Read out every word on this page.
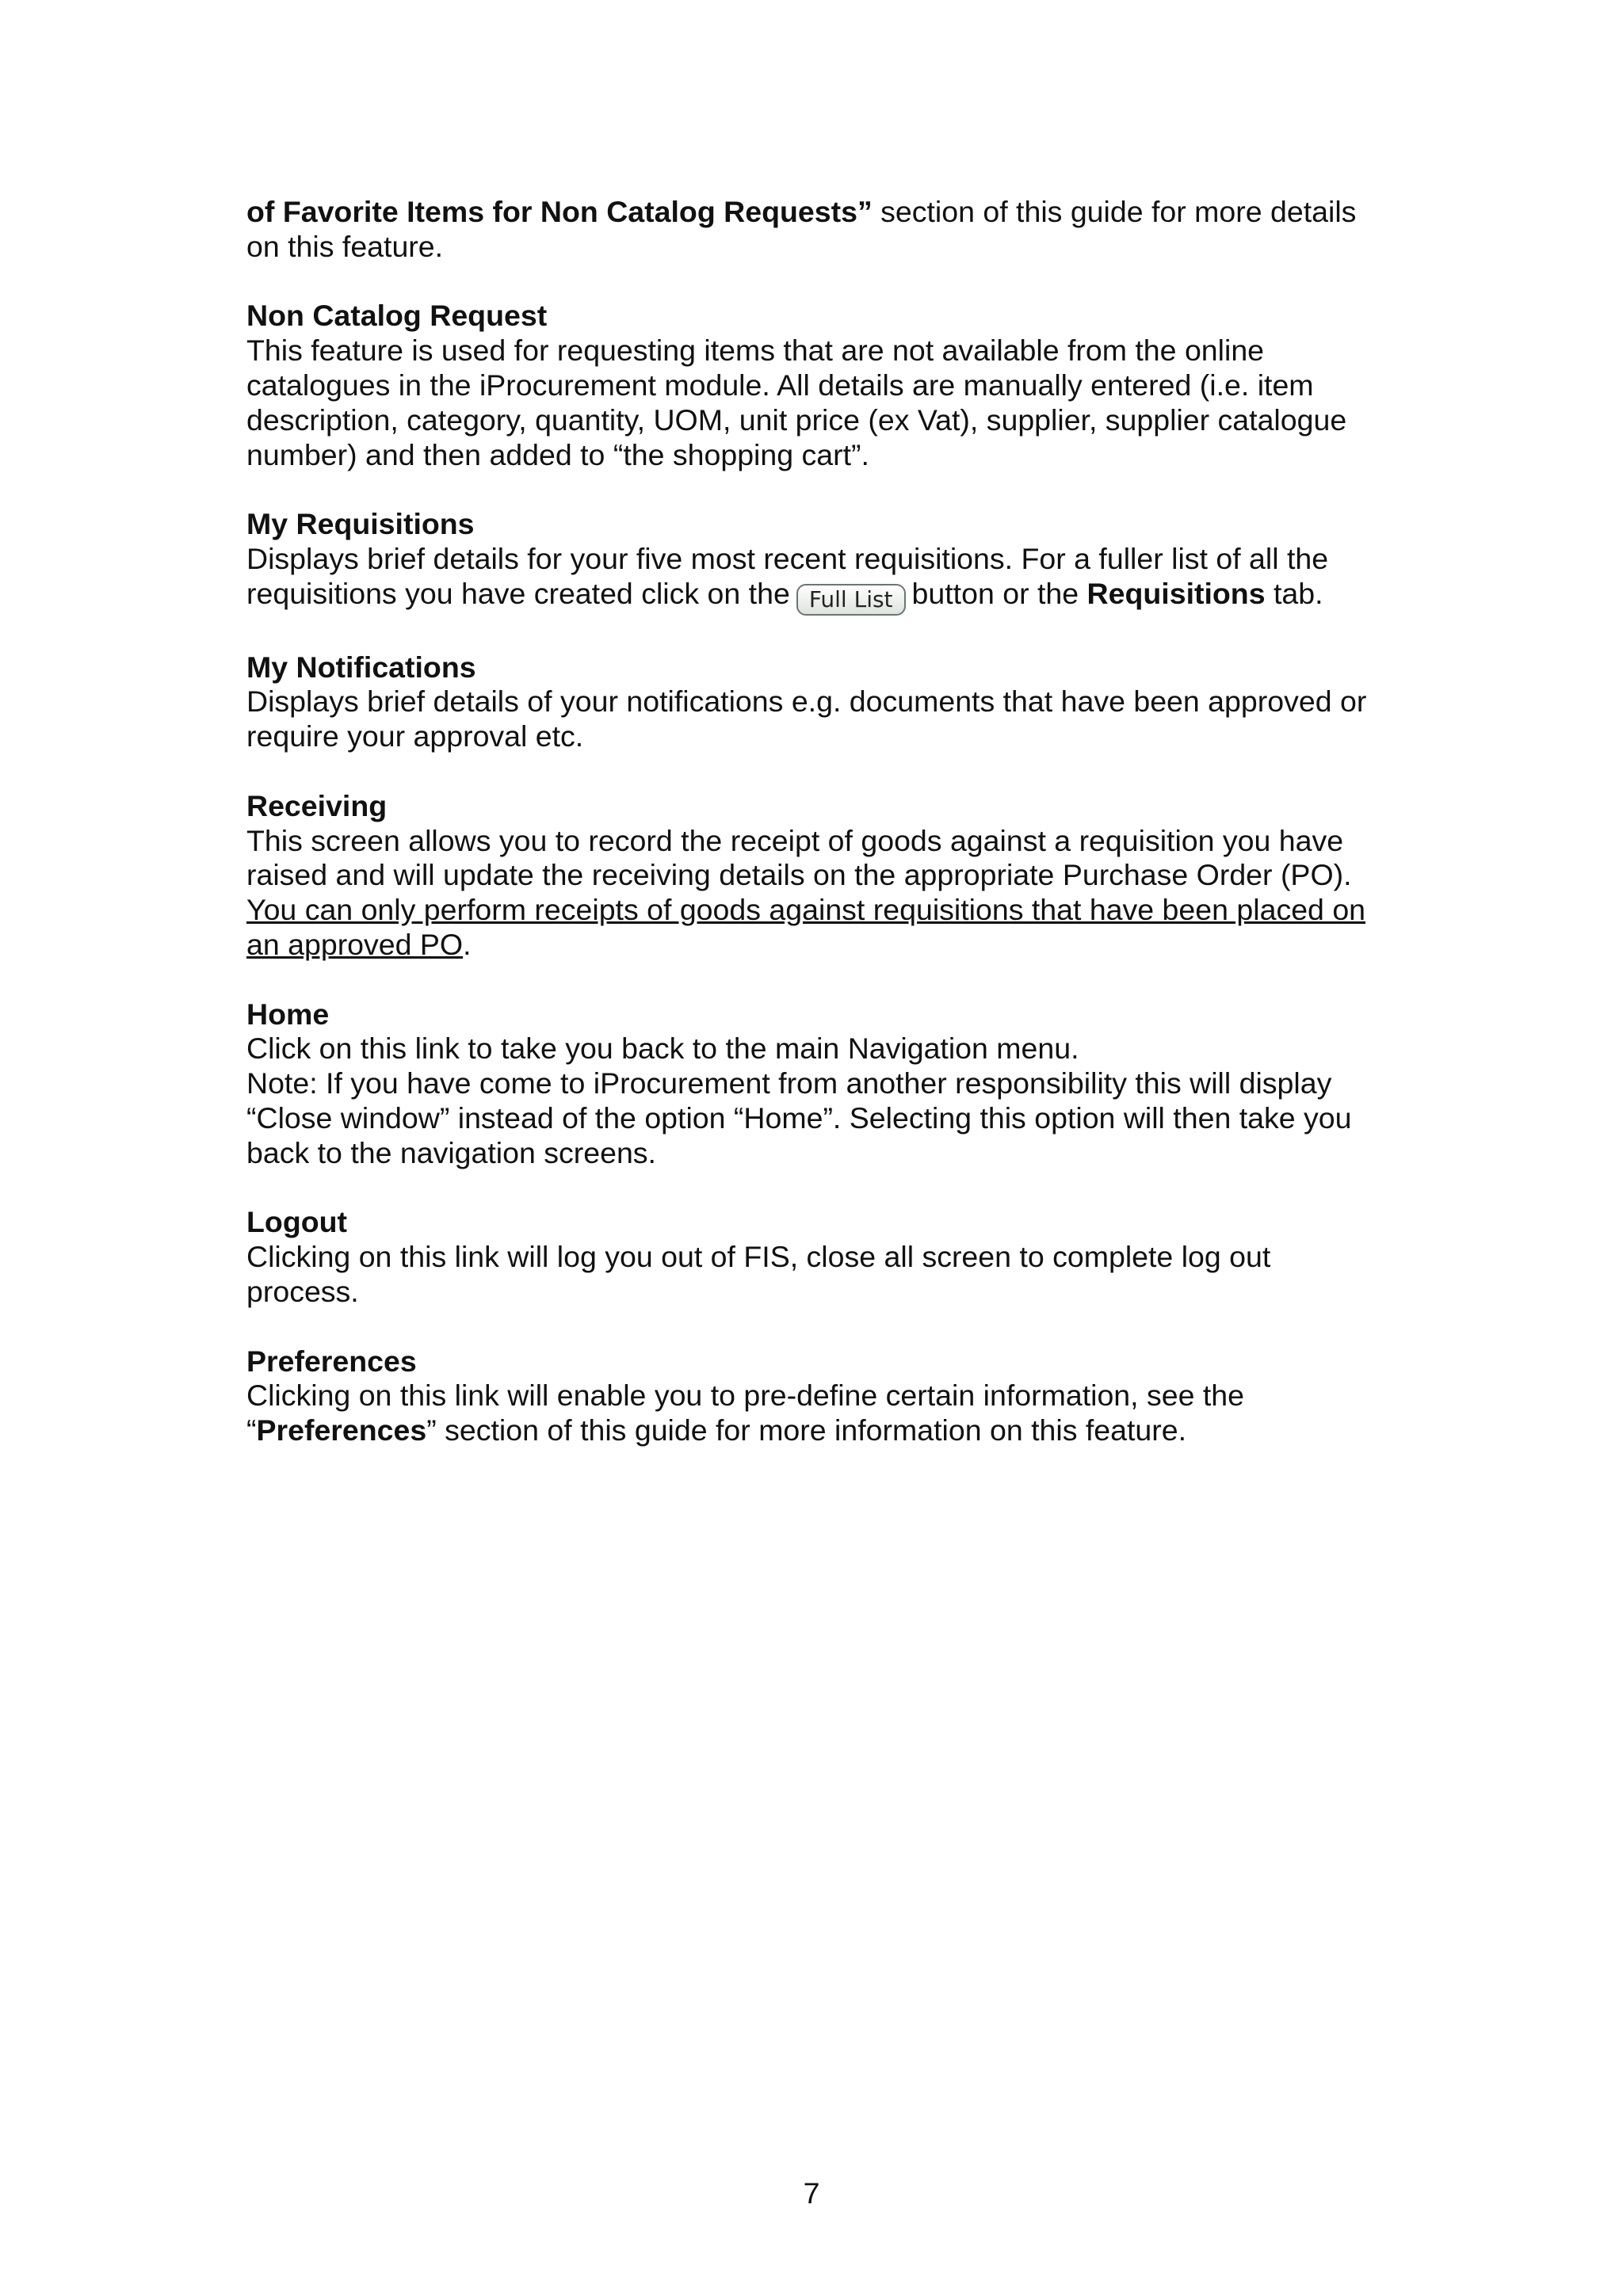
of Favorite Items for Non Catalog Requests” section of this guide for more details on this feature.

Non Catalog Request

This feature is used for requesting items that are not available from the online catalogues in the iProcurement module. All details are manually entered (i.e. item description, category, quantity, UOM, unit price (ex Vat), supplier, supplier catalogue number) and then added to “the shopping cart”.

My Requisitions

Displays brief details for your five most recent requisitions. For a fuller list of all the requisitions you have created click on the Full List button or the Requisitions tab.

My Notifications

Displays brief details of your notifications e.g. documents that have been approved or require your approval etc.

Receiving

This screen allows you to record the receipt of goods against a requisition you have raised and will update the receiving details on the appropriate Purchase Order (PO). You can only perform receipts of goods against requisitions that have been placed on an approved PO.

Home

Click on this link to take you back to the main Navigation menu.

Note: If you have come to iProcurement from another responsibility this will display “Close window” instead of the option “Home”. Selecting this option will then take you back to the navigation screens.

Logout

Clicking on this link will log you out of FIS, close all screen to complete log out process.

Preferences

Clicking on this link will enable you to pre-define certain information, see the “Preferences” section of this guide for more information on this feature.

7
